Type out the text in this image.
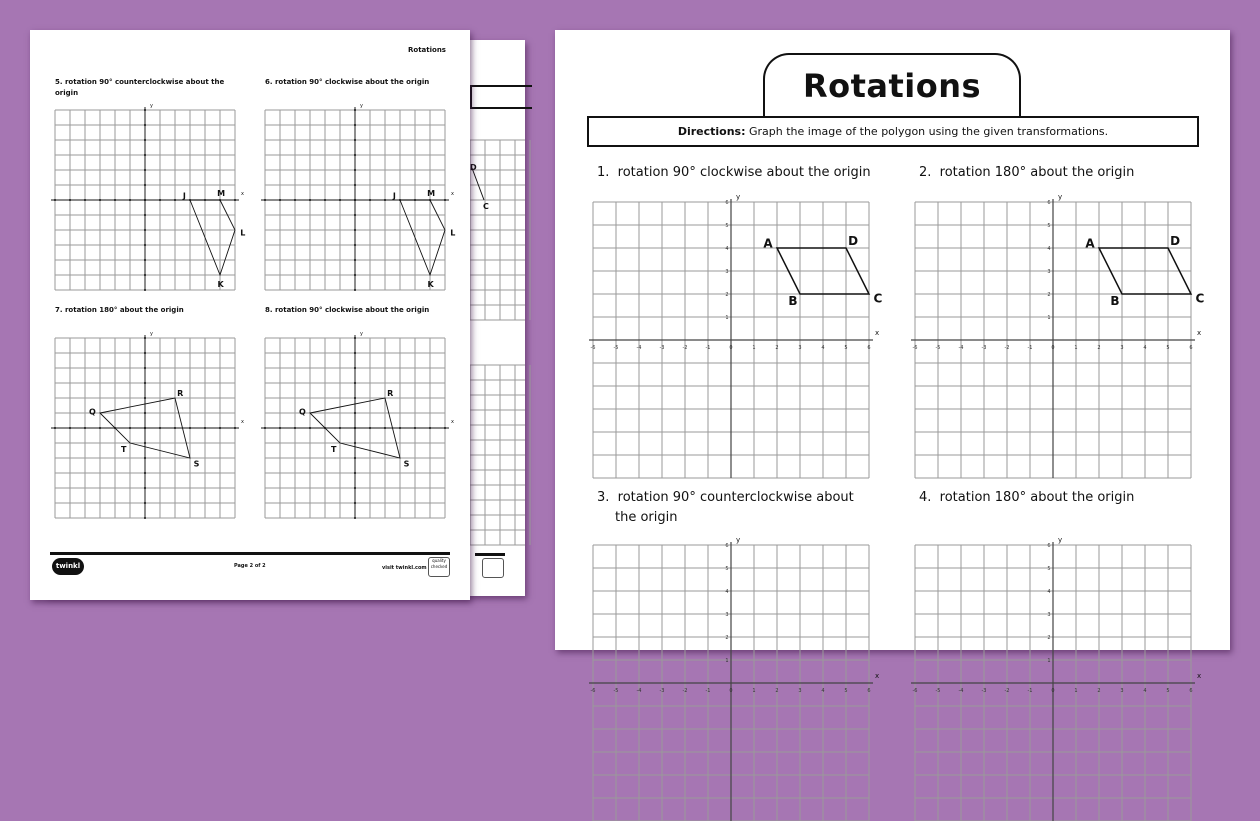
D
C
Rotations
5. rotation 90° counterclockwise about the origin
6. rotation 90° clockwise about the origin
7. rotation 180° about the origin	8. rotation 90° clockwise about the origin
x
y
J	M
L
K
x
y
J	M
L
K
x
y
Q
R
S
T
x
y
Q
R
S
T
twinkl	Page 2 of 2	visit twinkl.com
quality checked
Rotations
Directions: Graph the image of the polygon using the given transformations.
1. rotation 90° clockwise about the origin	2. rotation 180° about the origin
3. rotation 90° counterclockwise about the origin
4. rotation 180° about the origin
-6	-5	-4	-3	-2	-1	0	1
1
2
2
3
3
4
4
5
5
6
6
x
y
A
B	C
D
-6	-5	-4	-3	-2	-1	0	1
1
2
2
3
3
4
4
5
5
6
6
x
y
A
B	C
D
-6	-5	-4	-3	-2	-1	0	1
1
2
2
3
3
4
4
5
5
6
6
x
y
-6	-5	-4	-3	-2	-1	0	1
1
2
2
3
3
4
4
5
5
6
6
x
y
